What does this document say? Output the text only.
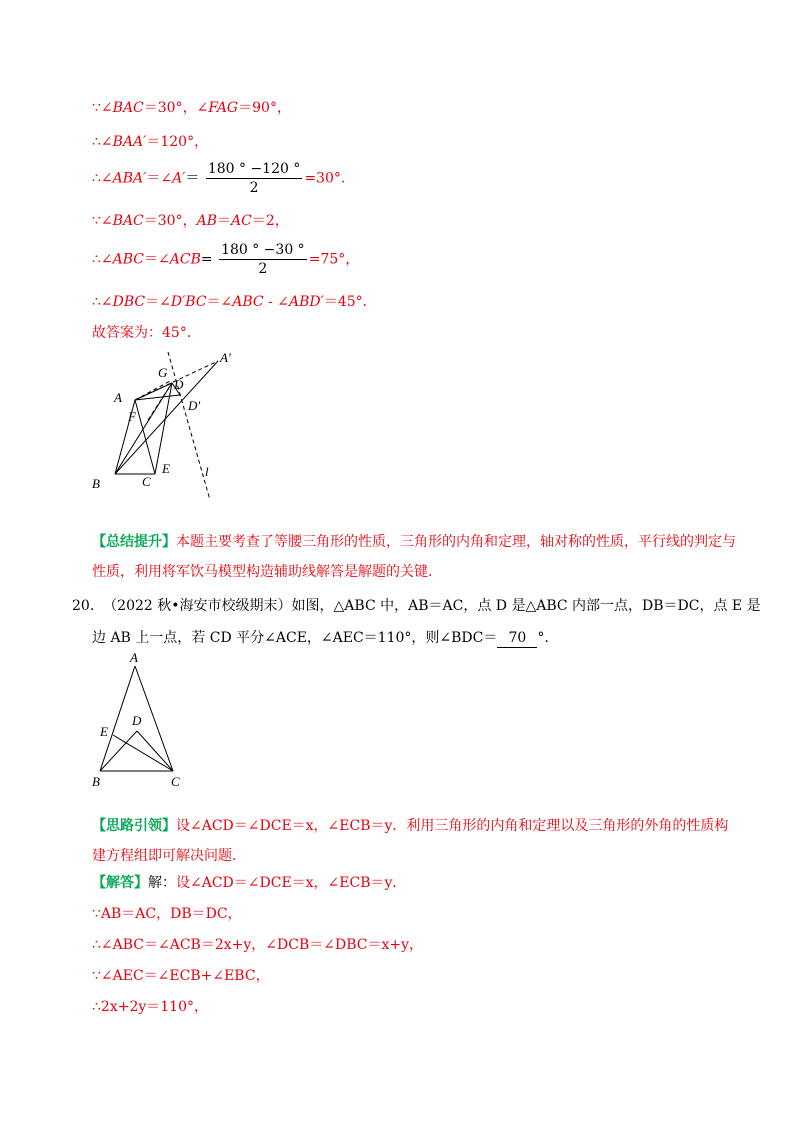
∵∠BAC＝30°，∠FAG＝90°，
∴∠BAA′＝120°，
∴∠ABA′＝∠A′＝ $\frac{180 ^\circ -120 ^\circ}{2} =30^\circ$．
∵∠BAC＝30°，AB＝AC＝2，
∴∠ABC＝∠ACB= $\frac{180 ^\circ -30 ^\circ}{2} =75^\circ$，
∴∠DBC＝∠D′BC＝∠ABC - ∠ABD′＝45°．
故答案为：45°．
A′
G
D
A
D′
F
B	C
E	l
【总结提升】本题主要考查了等腰三角形的性质，三角形的内角和定理，轴对称的性质，平行线的判定与性质，利用将军饮马模型构造辅助线解答是解题的关键.
20. （2022 秋•海安市校级期末）如图，△ABC 中，AB＝AC，点 D 是△ABC 内部一点，DB＝DC，点 E 是
边 AB 上一点，若 CD 平分∠ACE，∠AEC＝110°，则∠BDC＝ 70 °.
A
D
E
B	C
【思路引领】设∠ACD＝∠DCE＝x，∠ECB＝y．利用三角形的内角和定理以及三角形的外角的性质构建方程组即可解决问题．
【解答】解：设∠ACD＝∠DCE＝x，∠ECB＝y．
∵AB＝AC，DB＝DC，
∴∠ABC＝∠ACB＝2x+y，∠DCB＝∠DBC＝x+y，
∵∠AEC＝∠ECB+∠EBC，
∴2x+2y＝110°，
